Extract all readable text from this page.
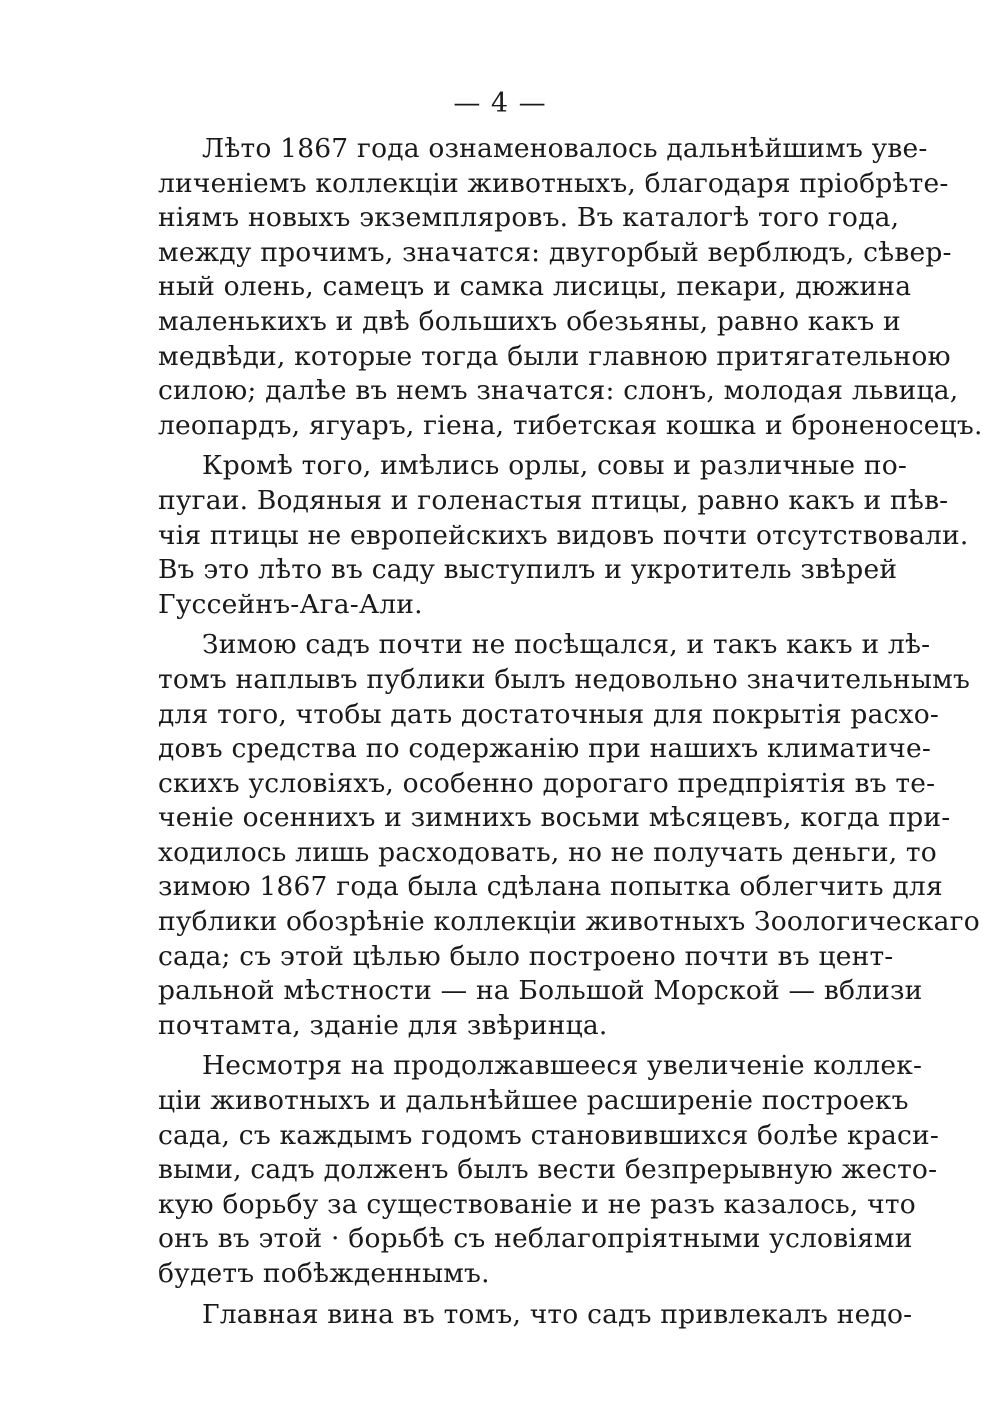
— 4 —
Лѣто 1867 года ознаменовалось дальнѣйшимъ уве-
личеніемъ коллекціи животныхъ, благодаря пріобрѣте-
ніямъ новыхъ экземпляровъ. Въ каталогѣ того года,
между прочимъ, значатся: двугорбый верблюдъ, сѣвер-
ный олень, самецъ и самка лисицы, пекари, дюжина
маленькихъ и двѣ большихъ обезьяны, равно какъ и
медвѣди, которые тогда были главною притягательною
силою; далѣе въ немъ значатся: слонъ, молодая львица,
леопардъ, ягуаръ, гіена, тибетская кошка и броненосецъ.
Кромѣ того, имѣлись орлы, совы и различные по-
пугаи. Водяныя и голенастыя птицы, равно какъ и пѣв-
чія птицы не европейскихъ видовъ почти отсутствовали.
Въ это лѣто въ саду выступилъ и укротитель звѣрей
Гуссейнъ-Ага-Али.
Зимою садъ почти не посѣщался, и такъ какъ и лѣ-
томъ наплывъ публики былъ недовольно значительнымъ
для того, чтобы дать достаточныя для покрытія расхо-
довъ средства по содержанію при нашихъ климатиче-
скихъ условіяхъ, особенно дорогаго предпріятія въ те-
ченіе осеннихъ и зимнихъ восьми мѣсяцевъ, когда при-
ходилось лишь расходовать, но не получать деньги, то
зимою 1867 года была сдѣлана попытка облегчить для
публики обозрѣніе коллекціи животныхъ Зоологическаго
сада; съ этой цѣлью было построено почти въ цент-
ральной мѣстности — на Большой Морской — вблизи
почтамта, зданіе для звѣринца.
Несмотря на продолжавшееся увеличеніе коллек-
ціи животныхъ и дальнѣйшее расширеніе построекъ
сада, съ каждымъ годомъ становившихся болѣе краси-
выми, садъ долженъ былъ вести безпрерывную жесто-
кую борьбу за существованіе и не разъ казалось, что
онъ въ этой · борьбѣ съ неблагопріятными условіями
будетъ побѣжденнымъ.
Главная вина въ томъ, что садъ привлекалъ недо-
